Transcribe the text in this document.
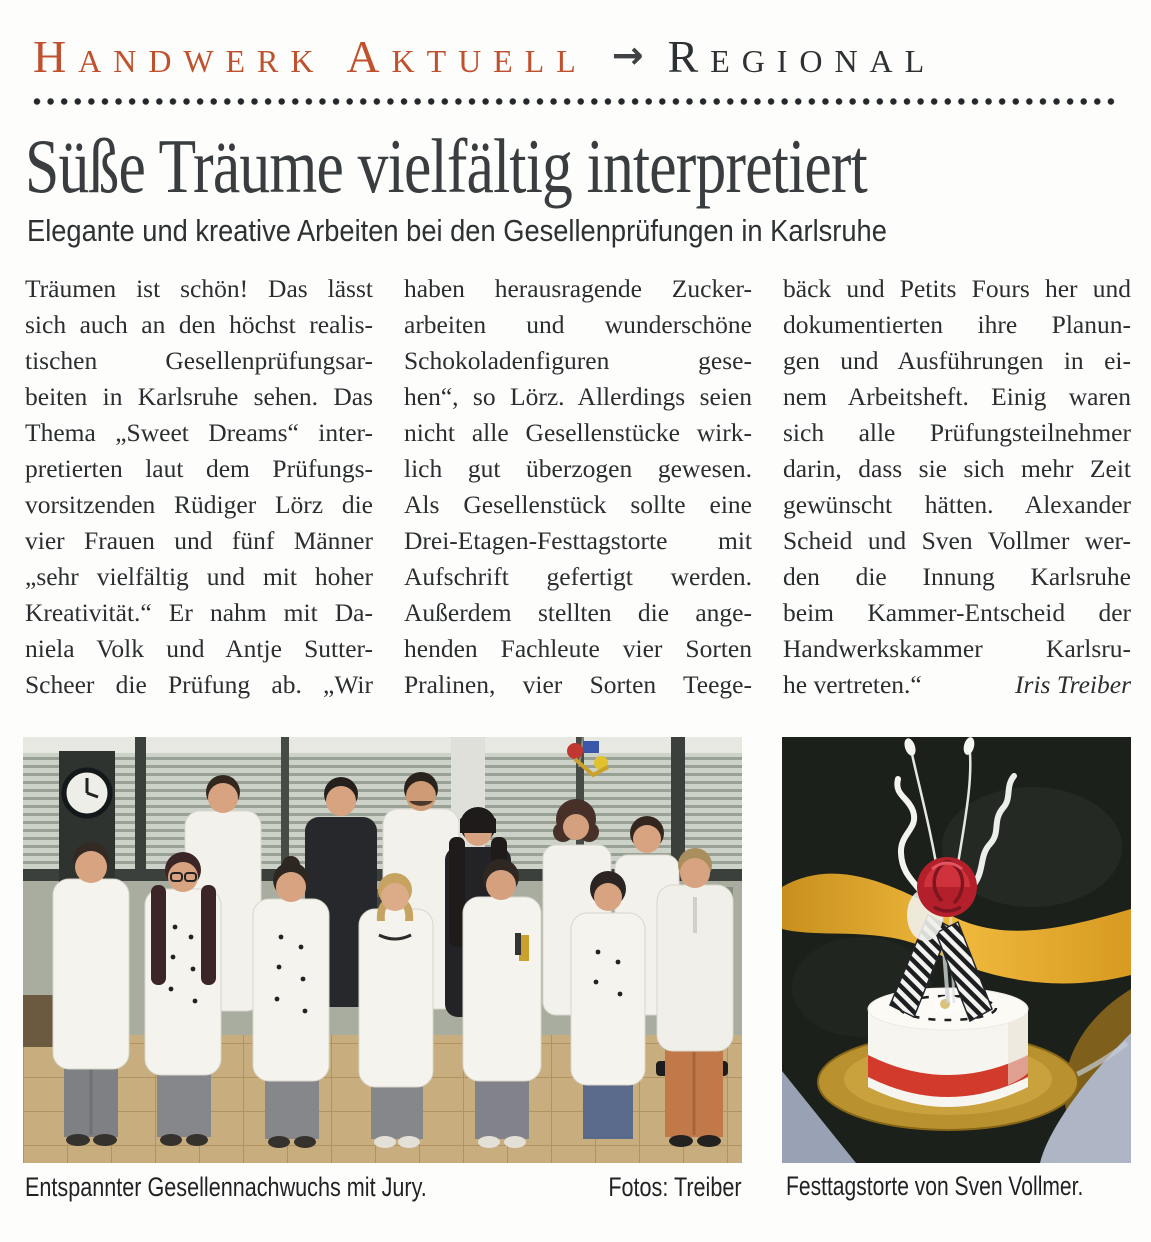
Handwerk Aktuell → Regional
Süße Träume vielfältig interpretiert
Elegante und kreative Arbeiten bei den Gesellenprüfungen in Karlsruhe
Träumen ist schön! Das lässt
sich auch an den höchst realis-
tischen Gesellenprüfungsar-
beiten in Karlsruhe sehen. Das
Thema „Sweet Dreams“ inter-
pretierten laut dem Prüfungs-
vorsitzenden Rüdiger Lörz die
vier Frauen und fünf Männer
„sehr vielfältig und mit hoher
Kreativität.“ Er nahm mit Da-
niela Volk und Antje Sutter-
Scheer die Prüfung ab. „Wir
haben herausragende Zucker-
arbeiten und wunderschöne
Schokoladenfiguren gese-
hen“, so Lörz. Allerdings seien
nicht alle Gesellenstücke wirk-
lich gut überzogen gewesen.
Als Gesellenstück sollte eine
Drei-Etagen-Festtagstorte mit
Aufschrift gefertigt werden.
Außerdem stellten die ange-
henden Fachleute vier Sorten
Pralinen, vier Sorten Teege-
bäck und Petits Fours her und
dokumentierten ihre Planun-
gen und Ausführungen in ei-
nem Arbeitsheft. Einig waren
sich alle Prüfungsteilnehmer
darin, dass sie sich mehr Zeit
gewünscht hätten. Alexander
Scheid und Sven Vollmer wer-
den die Innung Karlsruhe
beim Kammer-Entscheid der
Handwerkskammer Karlsru-
he vertreten.“	Iris Treiber
Entspannter Gesellennachwuchs mit Jury.	Fotos: Treiber Festtagstorte von Sven Vollmer.
